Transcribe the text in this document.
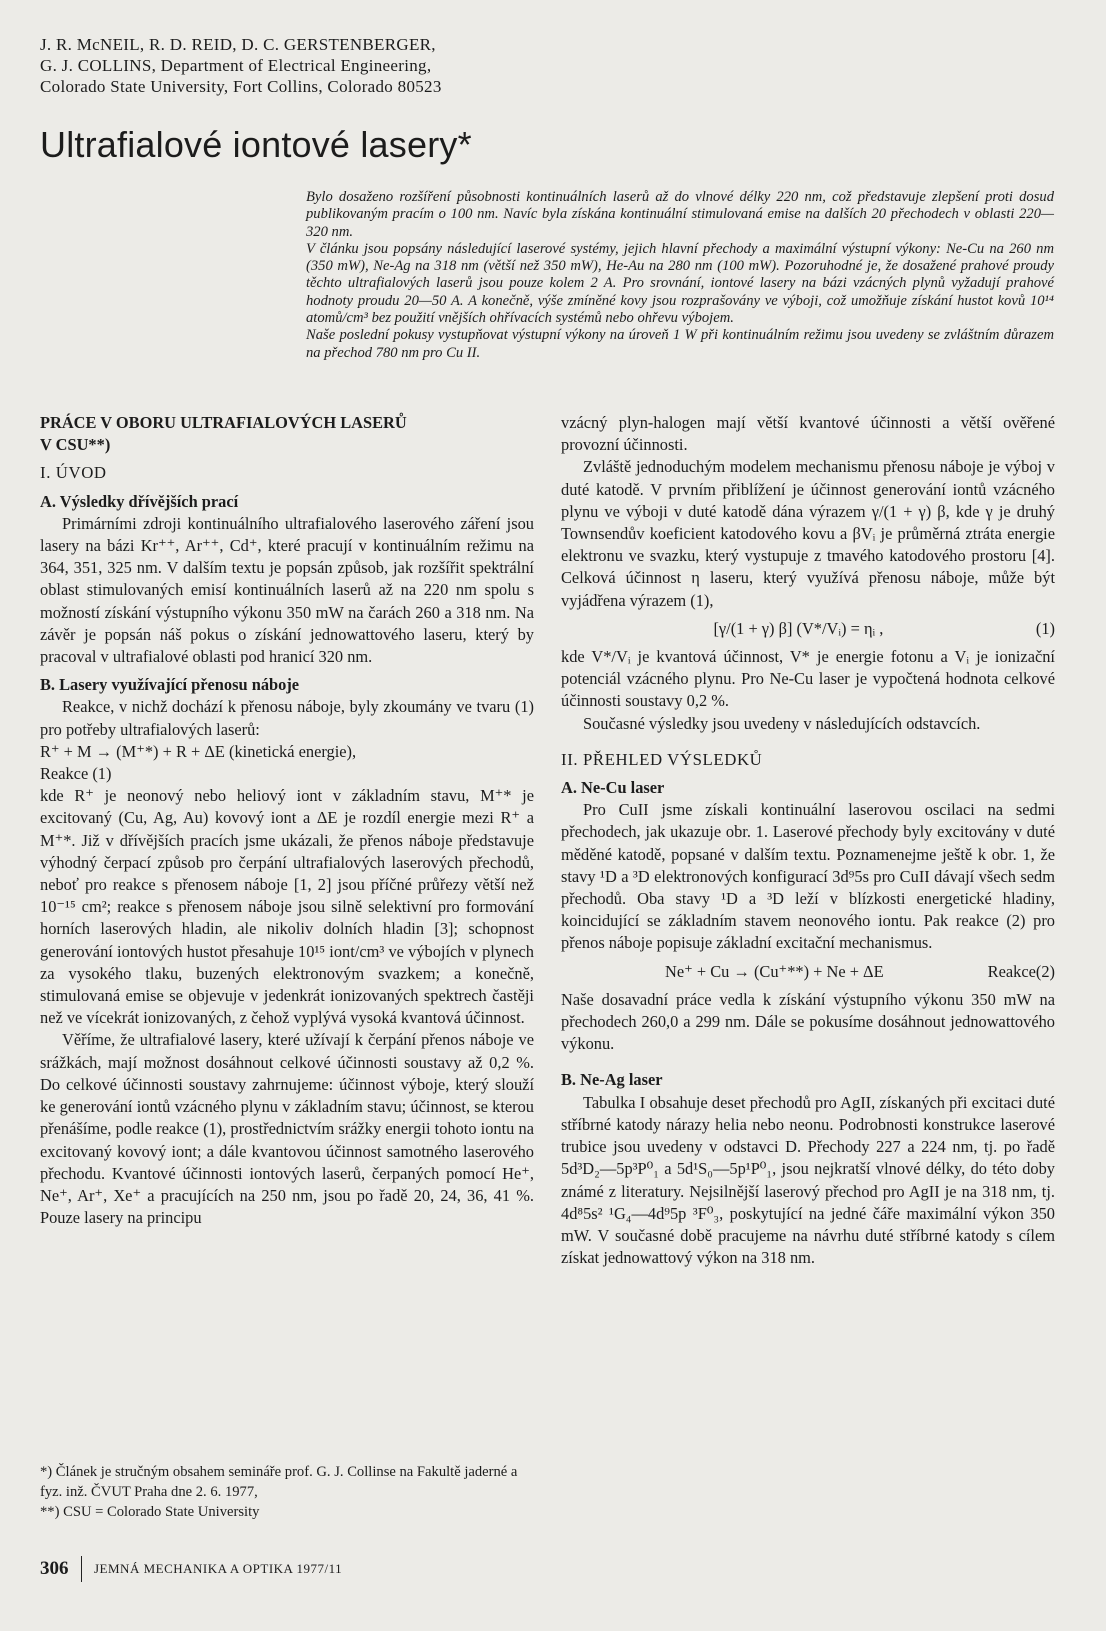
J. R. McNEIL, R. D. REID, D. C. GERSTENBERGER,
G. J. COLLINS, Department of Electrical Engineering,
Colorado State University, Fort Collins, Colorado 80523
Ultrafialové iontové lasery*

Bylo dosaženo rozšíření působnosti kontinuálních laserů až do vlnové délky 220 nm, což představuje zlepšení proti dosud publikovaným pracím o 100 nm. Navíc byla získána kontinuální stimulovaná emise na dalších 20 přechodech v oblasti 220—320 nm.

V článku jsou popsány následující laserové systémy, jejich hlavní přechody a maximální výstupní výkony: Ne-Cu na 260 nm (350 mW), Ne-Ag na 318 nm (větší než 350 mW), He-Au na 280 nm (100 mW). Pozoruhodné je, že dosažené prahové proudy těchto ultrafialových laserů jsou pouze kolem 2 A. Pro srovnání, iontové lasery na bázi vzácných plynů vyžadují prahové hodnoty proudu 20—50 A. A konečně, výše zmíněné kovy jsou rozprašovány ve výboji, což umožňuje získání hustot kovů 10¹⁴ atomů/cm³ bez použití vnějších ohřívacích systémů nebo ohřevu výbojem.

Naše poslední pokusy vystupňovat výstupní výkony na úroveň 1 W při kontinuálním režimu jsou uvedeny se zvláštním důrazem na přechod 780 nm pro Cu II.

PRÁCE V OBORU ULTRAFIALOVÝCH LASERŮ

V CSU**)

I. ÚVOD

A. Výsledky dřívějších prací

Primárními zdroji kontinuálního ultrafialového laserového záření jsou lasery na bázi Kr⁺⁺, Ar⁺⁺, Cd⁺, které pracují v kontinuálním režimu na 364, 351, 325 nm. V dalším textu je popsán způsob, jak rozšířit spektrální oblast stimulovaných emisí kontinuálních laserů až na 220 nm spolu s možností získání výstupního výkonu 350 mW na čarách 260 a 318 nm. Na závěr je popsán náš pokus o získání jednowattového laseru, který by pracoval v ultrafialové oblasti pod hranicí 320 nm.

B. Lasery využívající přenosu náboje

Reakce, v nichž dochází k přenosu náboje, byly zkoumány ve tvaru (1) pro potřeby ultrafialových laserů:

R⁺ + M → (M⁺*) + R + ΔE (kinetická energie),

Reakce (1)

kde R⁺ je neonový nebo heliový iont v základním stavu, M⁺* je excitovaný (Cu, Ag, Au) kovový iont a ΔE je rozdíl energie mezi R⁺ a M⁺*. Již v dřívějších pracích jsme ukázali, že přenos náboje představuje výhodný čerpací způsob pro čerpání ultrafialových laserových přechodů, neboť pro reakce s přenosem náboje [1, 2] jsou příčné průřezy větší než 10⁻¹⁵ cm²; reakce s přenosem náboje jsou silně selektivní pro formování horních laserových hladin, ale nikoliv dolních hladin [3]; schopnost generování iontových hustot přesahuje 10¹⁵ iont/cm³ ve výbojích v plynech za vysokého tlaku, buzených elektronovým svazkem; a konečně, stimulovaná emise se objevuje v jedenkrát ionizovaných spektrech častěji než ve vícekrát ionizovaných, z čehož vyplývá vysoká kvantová účinnost.

Věříme, že ultrafialové lasery, které užívají k čerpání přenos náboje ve srážkách, mají možnost dosáhnout celkové účinnosti soustavy až 0,2 %. Do celkové účinnosti soustavy zahrnujeme: účinnost výboje, který slouží ke generování iontů vzácného plynu v základním stavu; účinnost, se kterou přenášíme, podle reakce (1), prostřednictvím srážky energii tohoto iontu na excitovaný kovový iont; a dále kvantovou účinnost samotného laserového přechodu. Kvantové účinnosti iontových laserů, čerpaných pomocí He⁺, Ne⁺, Ar⁺, Xe⁺ a pracujících na 250 nm, jsou po řadě 20, 24, 36, 41 %. Pouze lasery na principu

*) Článek je stručným obsahem semináře prof. G. J. Collinse na Fakultě jaderné a fyz. inž. ČVUT Praha dne 2. 6. 1977,
**) CSU = Colorado State University

vzácný plyn-halogen mají větší kvantové účinnosti a větší ověřené provozní účinnosti.

Zvláště jednoduchým modelem mechanismu přenosu náboje je výboj v duté katodě. V prvním přiblížení je účinnost generování iontů vzácného plynu ve výboji v duté katodě dána výrazem γ/(1 + γ) β, kde γ je druhý Townsendův koeficient katodového kovu a βVᵢ je průměrná ztráta energie elektronu ve svazku, který vystupuje z tmavého katodového prostoru [4]. Celková účinnost η laseru, který využívá přenosu náboje, může být vyjádřena výrazem (1),

[γ/(1 + γ) β] (V*/Vᵢ) = ηᵢ ,	(1)

kde V*/Vᵢ je kvantová účinnost, V* je energie fotonu a Vᵢ je ionizační potenciál vzácného plynu. Pro Ne-Cu laser je vypočtená hodnota celkové účinnosti soustavy 0,2 %.

Současné výsledky jsou uvedeny v následujících odstavcích.

II. PŘEHLED VÝSLEDKŮ

A. Ne-Cu laser

Pro CuII jsme získali kontinuální laserovou oscilaci na sedmi přechodech, jak ukazuje obr. 1. Laserové přechody byly excitovány v duté měděné katodě, popsané v dalším textu. Poznamenejme ještě k obr. 1, že stavy ¹D a ³D elektronových konfigurací 3d⁹5s pro CuII dávají všech sedm přechodů. Oba stavy ¹D a ³D leží v blízkosti energetické hladiny, koincidující se základním stavem neonového iontu. Pak reakce (2) pro přenos náboje popisuje základní excitační mechanismus.

Ne⁺ + Cu → (Cu⁺**) + Ne + ΔE	Reakce(2)

Naše dosavadní práce vedla k získání výstupního výkonu 350 mW na přechodech 260,0 a 299 nm. Dále se pokusíme dosáhnout jednowattového výkonu.

B. Ne-Ag laser

Tabulka I obsahuje deset přechodů pro AgII, získaných při excitaci duté stříbrné katody nárazy helia nebo neonu. Podrobnosti konstrukce laserové trubice jsou uvedeny v odstavci D. Přechody 227 a 224 nm, tj. po řadě 5d³D₂—5p³P⁰₁ a 5d¹S₀—5p¹P⁰₁, jsou nejkratší vlnové délky, do této doby známé z literatury. Nejsilnější laserový přechod pro AgII je na 318 nm, tj. 4d⁸5s² ¹G₄—4d⁹5p ³F⁰₃, poskytující na jedné čáře maximální výkon 350 mW. V současné době pracujeme na návrhu duté stříbrné katody s cílem získat jednowattový výkon na 318 nm.

306 JEMNÁ MECHANIKA A OPTIKA 1977/11
